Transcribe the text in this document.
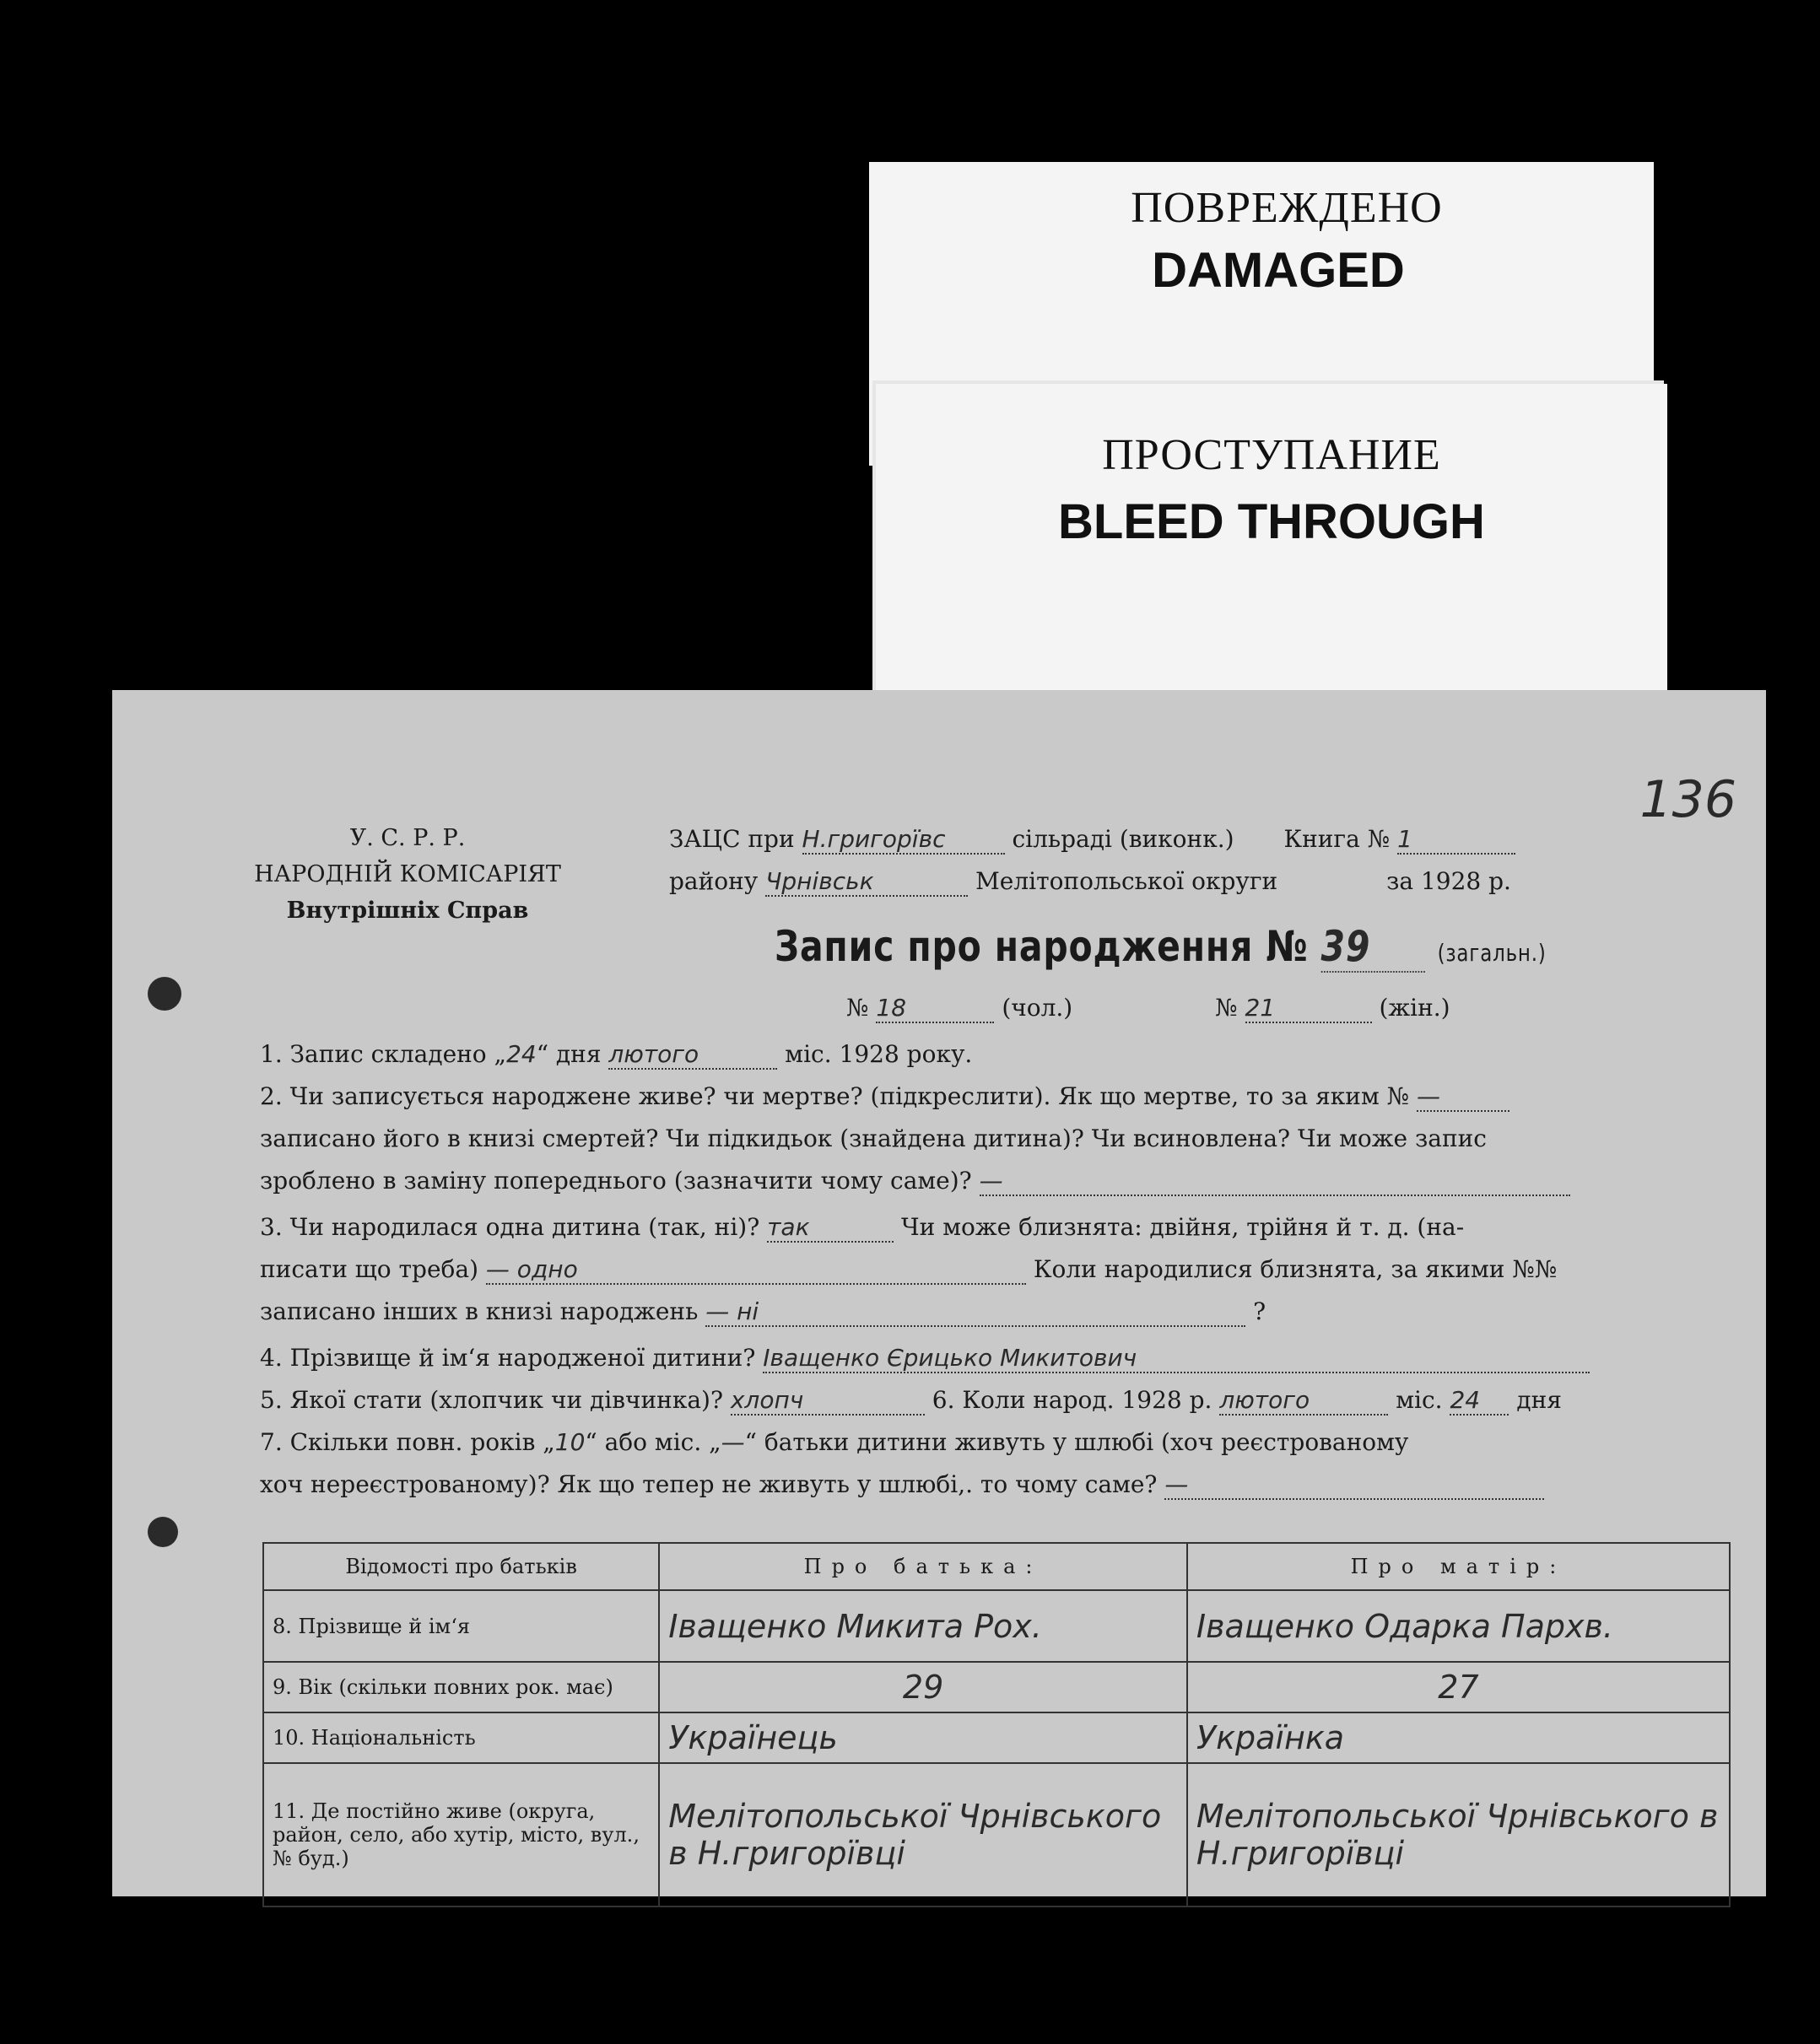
ПОВРЕЖДЕНО
DAMAGED
ПРОСТУПАНИЕ
BLEED THROUGH
136
У. С. Р. Р.
НАРОДНІЙ КОМІСАРІЯТ
Внутрішніх Справ
ЗАЦС при Н.григорївс	сільраді (виконк.) Книга № 1
району Чрнівськ	Мелітопольської округи	за 1928 р.
Запис про народження № 39	(загальн.)
№ 18	(чол.)	№ 21	(жін.)
1. Запис складено „24“ дня лютого	міс. 1928 року.
2. Чи записується народжене живе? чи мертве? (підкреслити). Як що мертве, то за яким № —
записано його в книзі смертей? Чи підкидьок (знайдена дитина)? Чи всиновлена? Чи може запис
зроблено в заміну попереднього (зазначити чому саме)? —
3. Чи народилася одна дитина (так, ні)? так	Чи може близнята: двійня, трійня й т. д. (на-
писати що треба) — одно	Коли народилися близнята, за якими №№
записано інших в книзі народжень — ні	?
4. Прізвище й ім‘я народженої дитини? Іващенко Єрицько Микитович
5. Якої стати (хлопчик чи дівчинка)? хлопч	6. Коли народ. 1928 р. лютого	міс. 24 дня
7. Скільки повн. років „10“ або міс. „—“ батьки дитини живуть у шлюбі (хоч реєстрованому
хоч нереєстрованому)? Як що тепер не живуть у шлюбі,. то чому саме? —
Відомості про батьків	Про батька:	Про матір:
8. Прізвище й ім‘я	Іващенко Микита Рох.	Іващенко Одарка Пархв.
9. Вік (скільки повних рок. має)	29	27
10. Національність	Українець	Українка
11. Де постійно живе (округа, район, село, або хутір, місто, вул., № буд.)	Мелітопольської Чрнівського в Н.григорївці	Мелітопольської Чрнівського в Н.григорївці
